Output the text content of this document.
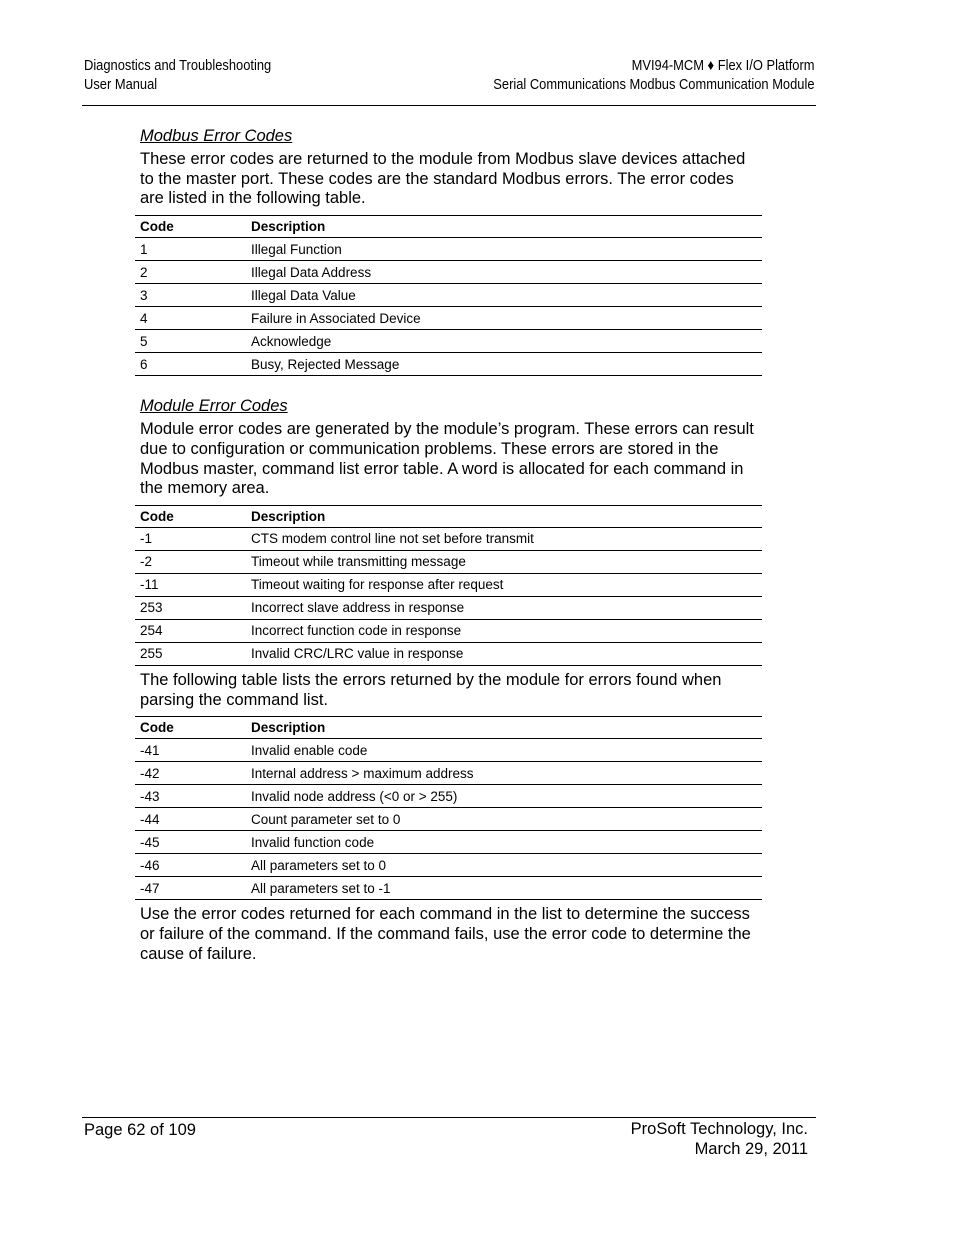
Diagnostics and Troubleshooting
User Manual
MVI94-MCM ♦ Flex I/O Platform
Serial Communications Modbus Communication Module
Modbus Error Codes
These error codes are returned to the module from Modbus slave devices attached to the master port. These codes are the standard Modbus errors. The error codes are listed in the following table.
Code	Description
1	Illegal Function
2	Illegal Data Address
3	Illegal Data Value
4	Failure in Associated Device
5	Acknowledge
6	Busy, Rejected Message
Module Error Codes
Module error codes are generated by the module’s program. These errors can result due to configuration or communication problems. These errors are stored in the Modbus master, command list error table. A word is allocated for each command in the memory area.
Code	Description
-1	CTS modem control line not set before transmit
-2	Timeout while transmitting message
-11	Timeout waiting for response after request
253	Incorrect slave address in response
254	Incorrect function code in response
255	Invalid CRC/LRC value in response
The following table lists the errors returned by the module for errors found when parsing the command list.
Code	Description
-41	Invalid enable code
-42	Internal address > maximum address
-43	Invalid node address (<0 or > 255)
-44	Count parameter set to 0
-45	Invalid function code
-46	All parameters set to 0
-47	All parameters set to -1
Use the error codes returned for each command in the list to determine the success or failure of the command. If the command fails, use the error code to determine the cause of failure.
Page 62 of 109	ProSoft Technology, Inc.
March 29, 2011
